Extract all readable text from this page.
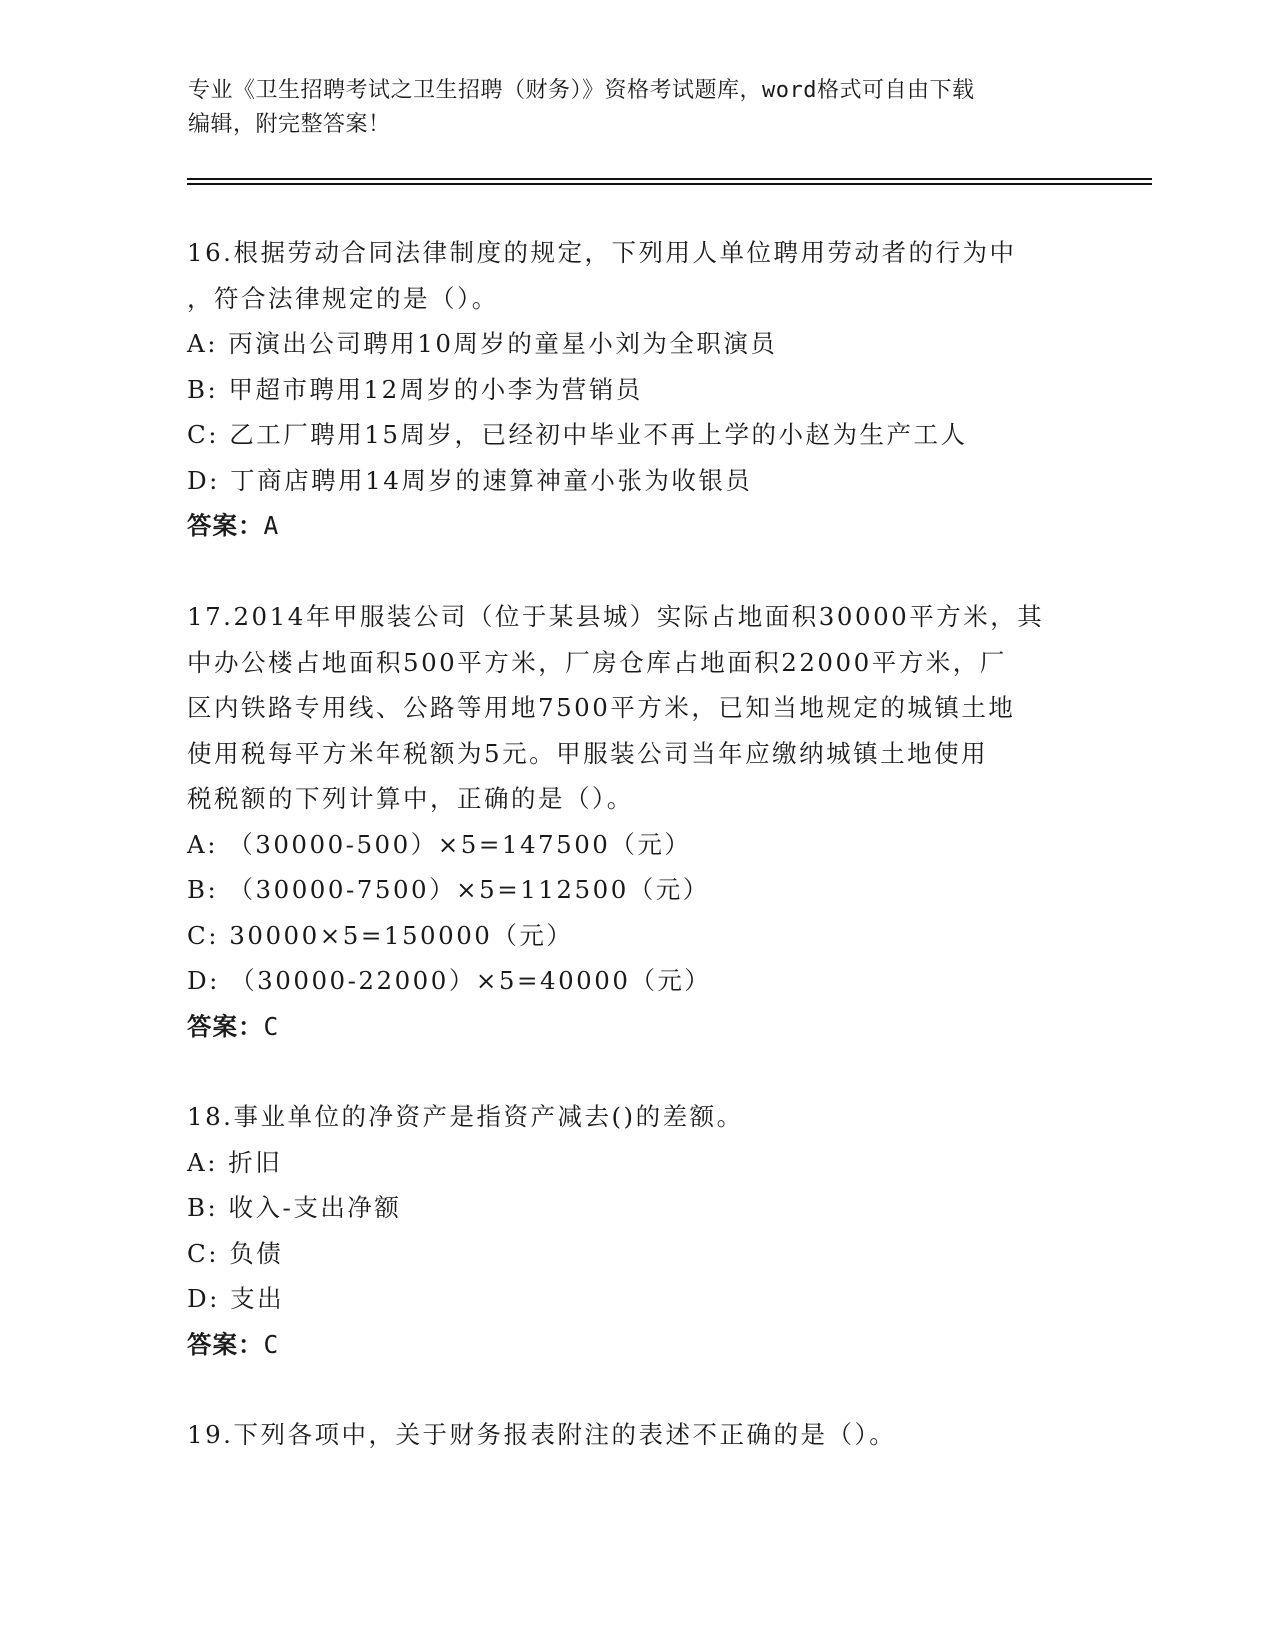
专业《卫生招聘考试之卫生招聘（财务）》资格考试题库，word格式可自由下载
编辑，附完整答案！
16.根据劳动合同法律制度的规定，下列用人单位聘用劳动者的行为中
，符合法律规定的是（）。
A: 丙演出公司聘用10周岁的童星小刘为全职演员
B: 甲超市聘用12周岁的小李为营销员
C: 乙工厂聘用15周岁，已经初中毕业不再上学的小赵为生产工人
D: 丁商店聘用14周岁的速算神童小张为收银员
答案：A
17.2014年甲服装公司（位于某县城）实际占地面积30000平方米，其
中办公楼占地面积500平方米，厂房仓库占地面积22000平方米，厂
区内铁路专用线、公路等用地7500平方米，已知当地规定的城镇土地
使用税每平方米年税额为5元。甲服装公司当年应缴纳城镇土地使用
税税额的下列计算中，正确的是（）。
A: （30000-500）×5=147500（元）
B: （30000-7500）×5=112500（元）
C: 30000×5=150000（元）
D: （30000-22000）×5=40000（元）
答案：C
18.事业单位的净资产是指资产减去()的差额。
A: 折旧
B: 收入-支出净额
C: 负债
D: 支出
答案：C
19.下列各项中，关于财务报表附注的表述不正确的是（）。
